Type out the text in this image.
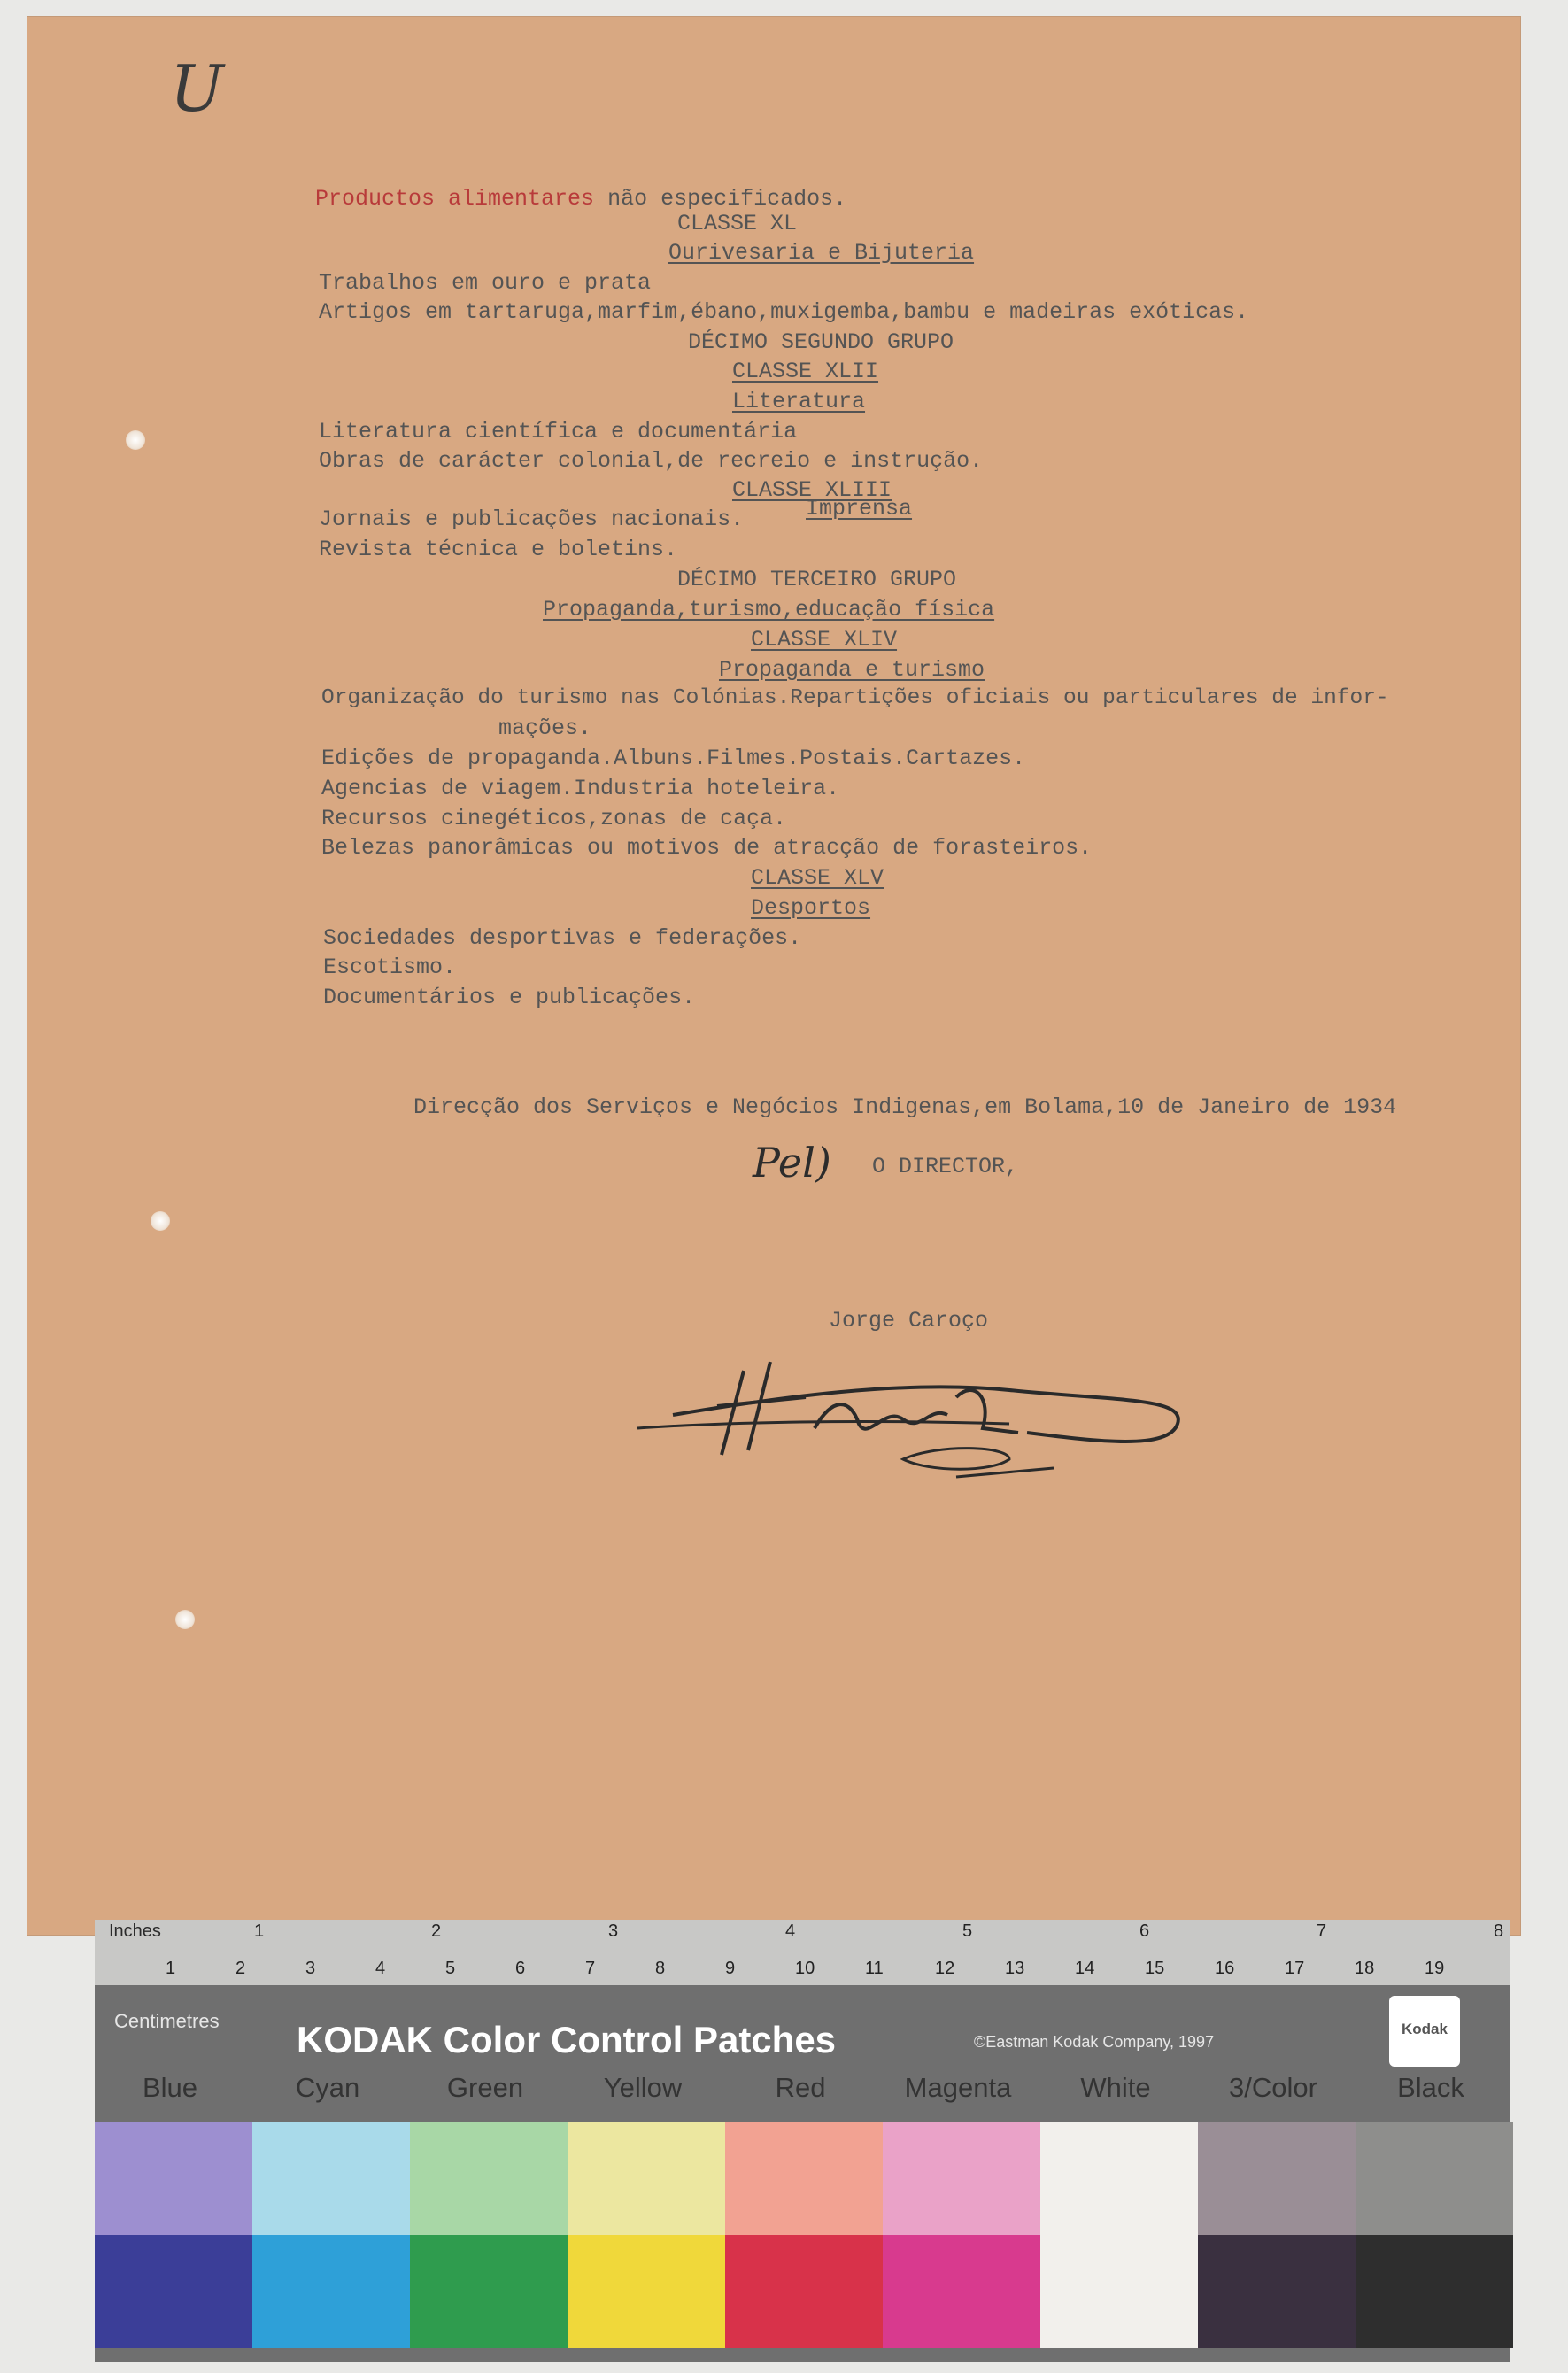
U
Productos alimentares não especificados.
CLASSE XL
Ourivesaria e Bijuteria
Trabalhos em ouro e prata
Artigos em tartaruga,marfim,ébano,muxigemba,bambu e madeiras exóticas.
DÉCIMO SEGUNDO GRUPO
CLASSE XLII
Literatura
Literatura científica e documentária
Obras de carácter colonial,de recreio e instrução.
CLASSE XLIII
Jornais e publicações nacionais.	Imprensa
Revista técnica e boletins.
DÉCIMO TERCEIRO GRUPO
Propaganda,turismo,educação física
CLASSE XLIV
Propaganda e turismo
Organização do turismo nas Colónias.Repartições oficiais ou particulares de infor-
mações.
Edições de propaganda.Albuns.Filmes.Postais.Cartazes.
Agencias de viagem.Industria hoteleira.
Recursos cinegéticos,zonas de caça.
Belezas panorâmicas ou motivos de atracção de forasteiros.
CLASSE XLV
Desportos
Sociedades desportivas e federações.
Escotismo.
Documentários e publicações.
Direcção dos Serviços e Negócios Indigenas,em Bolama,10 de Janeiro de 1934
Pel) O DIRECTOR,
Jorge Caroço
Inches	1	2	3	4	5	6	7	8
1	2	3	4	5	6	7	8	9	10	11	12	13	14	15	16	17	18	19
Centimetres KODAK Color Control Patches	©Eastman Kodak Company, 1997
Kodak
Blue	Cyan	Green	Yellow	Red	Magenta	White	3/Color	Black
